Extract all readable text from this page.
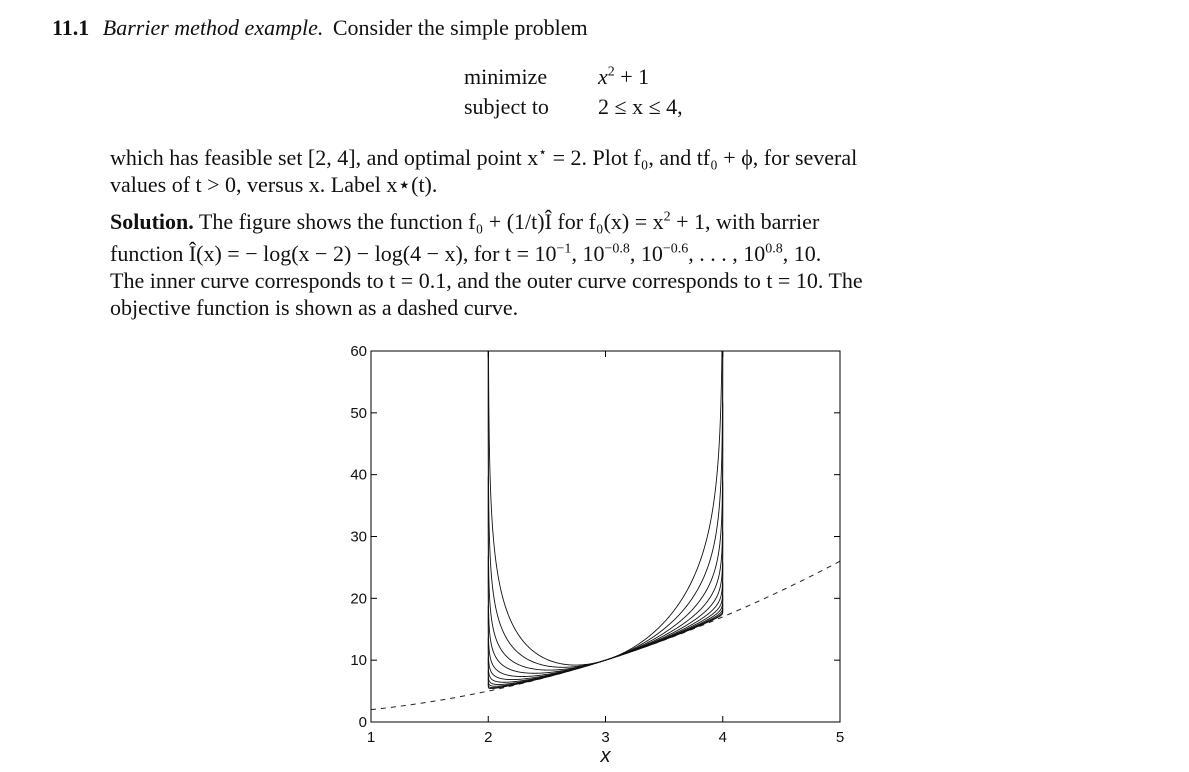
11.1 Barrier method example. Consider the simple problem
minimize $x^2 + 1$
subject to 2 ≤ x ≤ 4,
which has feasible set [2, 4], and optimal point x⋆ = 2. Plot f₀, and tf₀ + ϕ, for several
values of t > 0, versus x. Label x⋆(t).
Solution. The figure shows the function f₀ + (1/t)Î for $f_0(x) = x^2 + 1$, with barrier
function Î(x) = − log(x − 2) − log(4 − x), for $t = 10^{-1}$, $10^{-0.8}$, $10^{-0.6}$, . . . , $10^{0.8}$, 10.
The inner curve corresponds to t = 0.1, and the outer curve corresponds to t = 10. The
objective function is shown as a dashed curve.
1	2	3	4	5
0
10
20
30
40
50
60
x
